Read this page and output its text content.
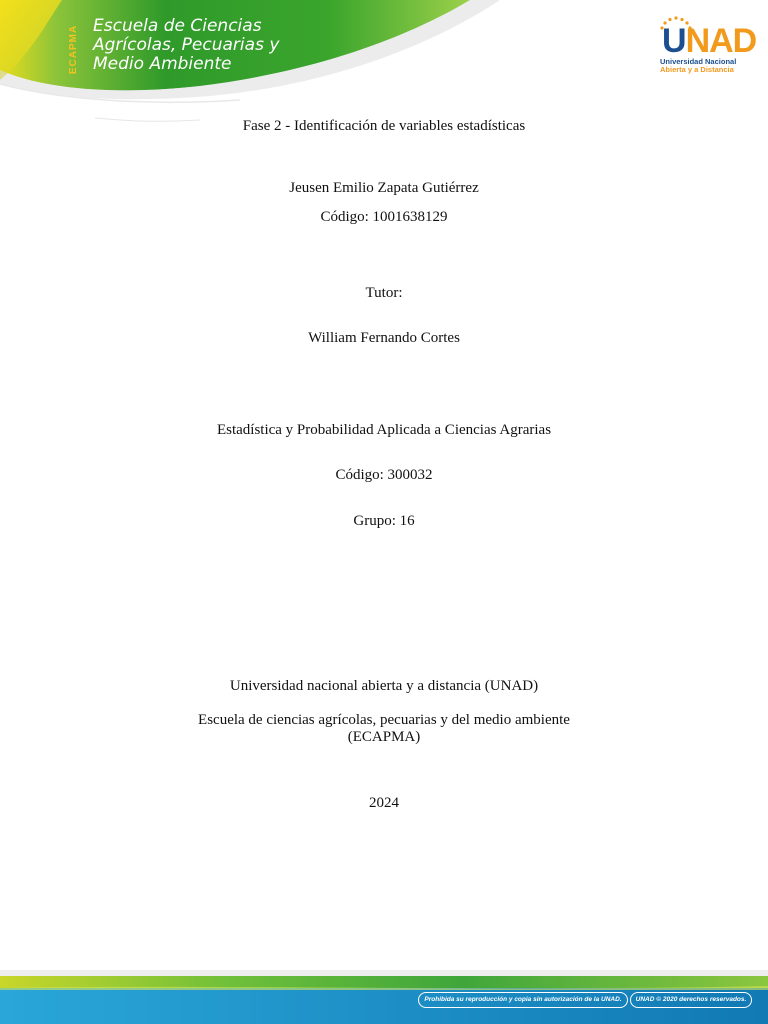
ECAPMA Escuela de Ciencias
Agrícolas, Pecuarias y
Medio Ambiente
UNAD
Universidad Nacional
Abierta y a Distancia
Fase 2 - Identificación de variables estadísticas
Jeusen Emilio Zapata Gutiérrez
Código: 1001638129
Tutor:
William Fernando Cortes
Estadística y Probabilidad Aplicada a Ciencias Agrarias
Código: 300032
Grupo: 16
Universidad nacional abierta y a distancia (UNAD)
Escuela de ciencias agrícolas, pecuarias y del medio ambiente
(ECAPMA)
2024
Prohibida su reproducción y copia sin autorización de la UNAD.	UNAD © 2020 derechos reservados.
